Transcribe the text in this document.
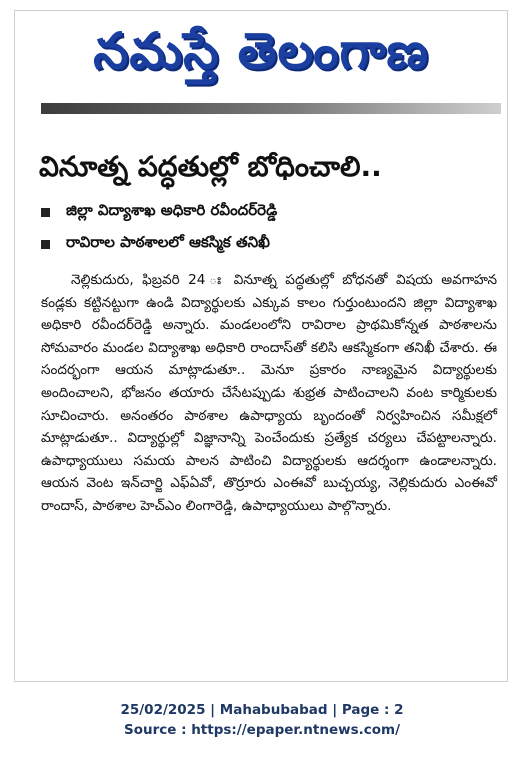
నమస్తే తెలంగాణ
వినూత్న పద్ధతుల్లో బోధించాలి..
జిల్లా విద్యాశాఖ అధికారి రవీందర్‌రెడ్డి
రావిరాల పాఠశాలలో ఆకస్మిక తనిఖీ

నెల్లికుదురు, ఫిబ్రవరి 24 ః వినూత్న పద్ధతుల్లో బోధనతో విషయ అవగాహన కండ్లకు కట్టినట్టుగా ఉండి విద్యార్థులకు ఎక్కువ కాలం గుర్తుంటుందని జిల్లా విద్యాశాఖ అధికారి రవీందర్‌రెడ్డి అన్నారు. మండలంలోని రావిరాల ప్రాథమికోన్నత పాఠశాలను సోమవారం మండల విద్యాశాఖ అధికారి రాందాస్‌తో కలిసి ఆకస్మికంగా తనిఖీ చేశారు. ఈ సందర్భంగా ఆయన మాట్లాడుతూ.. మెనూ ప్రకారం నాణ్యమైన విద్యార్థులకు అందించాలని, భోజనం తయారు చేసేటప్పుడు శుభ్రత పాటించాలని వంట కార్మికులకు సూచించారు. అనంతరం పాఠశాల ఉపాధ్యాయ బృందంతో నిర్వహించిన సమీక్షలో మాట్లాడుతూ.. విద్యార్థుల్లో విజ్ఞానాన్ని పెంచేందుకు ప్రత్యేక చర్యలు చేపట్టాలన్నారు. ఉపాధ్యాయులు సమయ పాలన పాటించి విద్యార్థులకు ఆదర్శంగా ఉండాలన్నారు. ఆయన వెంట ఇన్‌చార్జి ఎఫ్‌ఏవో, తొర్రూరు ఎంఈవో బుచ్చయ్య, నెల్లికుదురు ఎంఈవో రాందాస్, పాఠశాల హెచ్‌ఎం లింగారెడ్డి, ఉపాధ్యాయులు పాల్గొన్నారు.

25/02/2025 | Mahabubabad | Page : 2
Source : https://epaper.ntnews.com/
